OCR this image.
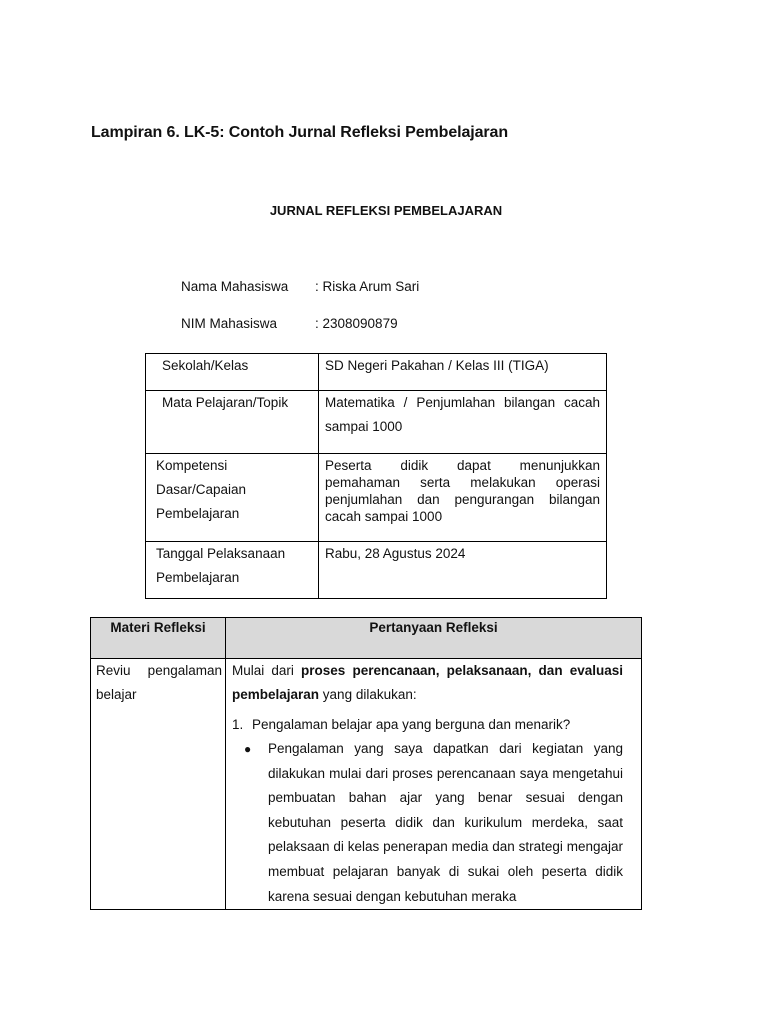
Lampiran 6. LK-5: Contoh Jurnal Refleksi Pembelajaran
JURNAL REFLEKSI PEMBELAJARAN
Nama Mahasiswa : Riska Arum Sari
NIM Mahasiswa	: 2308090879
Sekolah/Kelas	SD Negeri Pakahan / Kelas III (TIGA)
Mata Pelajaran/Topik	Matematika / Penjumlahan bilangan cacah sampai 1000
Kompetensi Dasar/Capaian Pembelajaran	Peserta didik dapat menunjukkan pemahaman serta melakukan operasi penjumlahan dan pengurangan bilangan cacah sampai 1000
Tanggal Pelaksanaan Pembelajaran	Rabu, 28 Agustus 2024
Materi Refleksi	Pertanyaan Refleksi
Reviu pengalaman belajar	Mulai dari proses perencanaan, pelaksanaan, dan evaluasi pembelajaran yang dilakukan:
1. Pengalaman belajar apa yang berguna dan menarik?
● Pengalaman yang saya dapatkan dari kegiatan yang dilakukan mulai dari proses perencanaan saya mengetahui pembuatan bahan ajar yang benar sesuai dengan kebutuhan peserta didik dan kurikulum merdeka, saat pelaksaan di kelas penerapan media dan strategi mengajar membuat pelajaran banyak di sukai oleh peserta didik karena sesuai dengan kebutuhan meraka
